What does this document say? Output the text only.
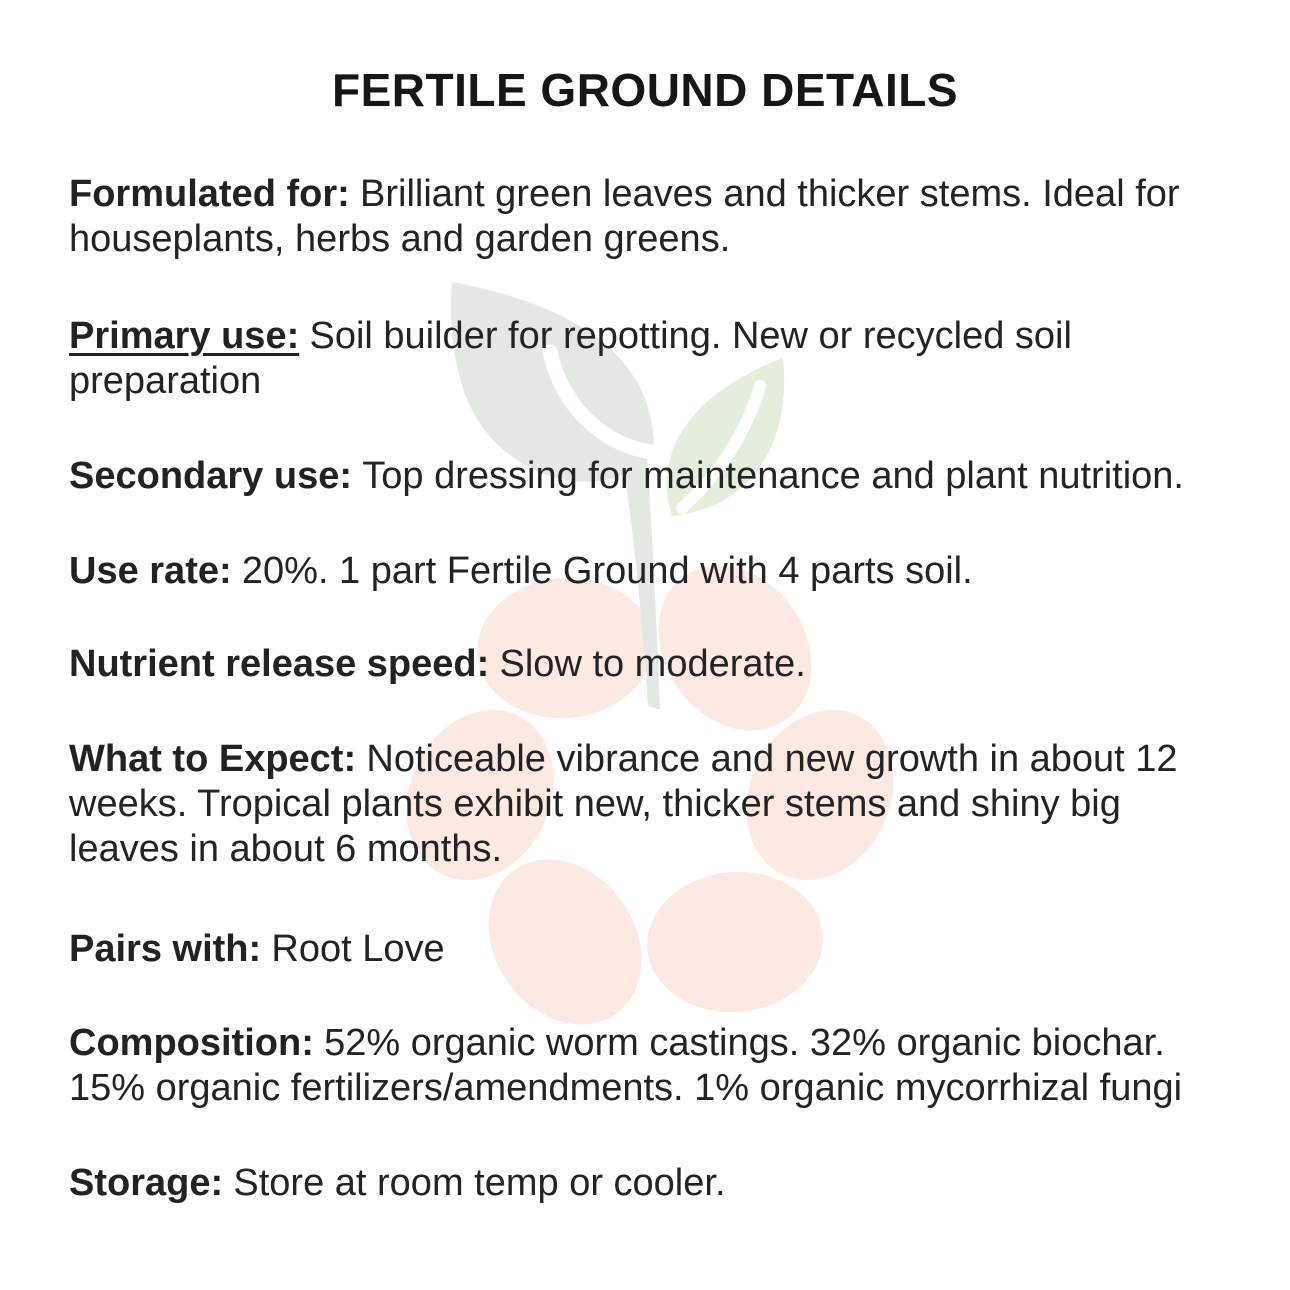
FERTILE GROUND DETAILS

Formulated for: Brilliant green leaves and thicker stems. Ideal for houseplants, herbs and garden greens.

Primary use: Soil builder for repotting. New or recycled soil preparation

Secondary use: Top dressing for maintenance and plant nutrition.

Use rate: 20%. 1 part Fertile Ground with 4 parts soil.

Nutrient release speed: Slow to moderate.

What to Expect: Noticeable vibrance and new growth in about 12 weeks. Tropical plants exhibit new, thicker stems and shiny big leaves in about 6 months.

Pairs with: Root Love

Composition: 52% organic worm castings. 32% organic biochar. 15% organic fertilizers/amendments. 1% organic mycorrhizal fungi

Storage: Store at room temp or cooler.
